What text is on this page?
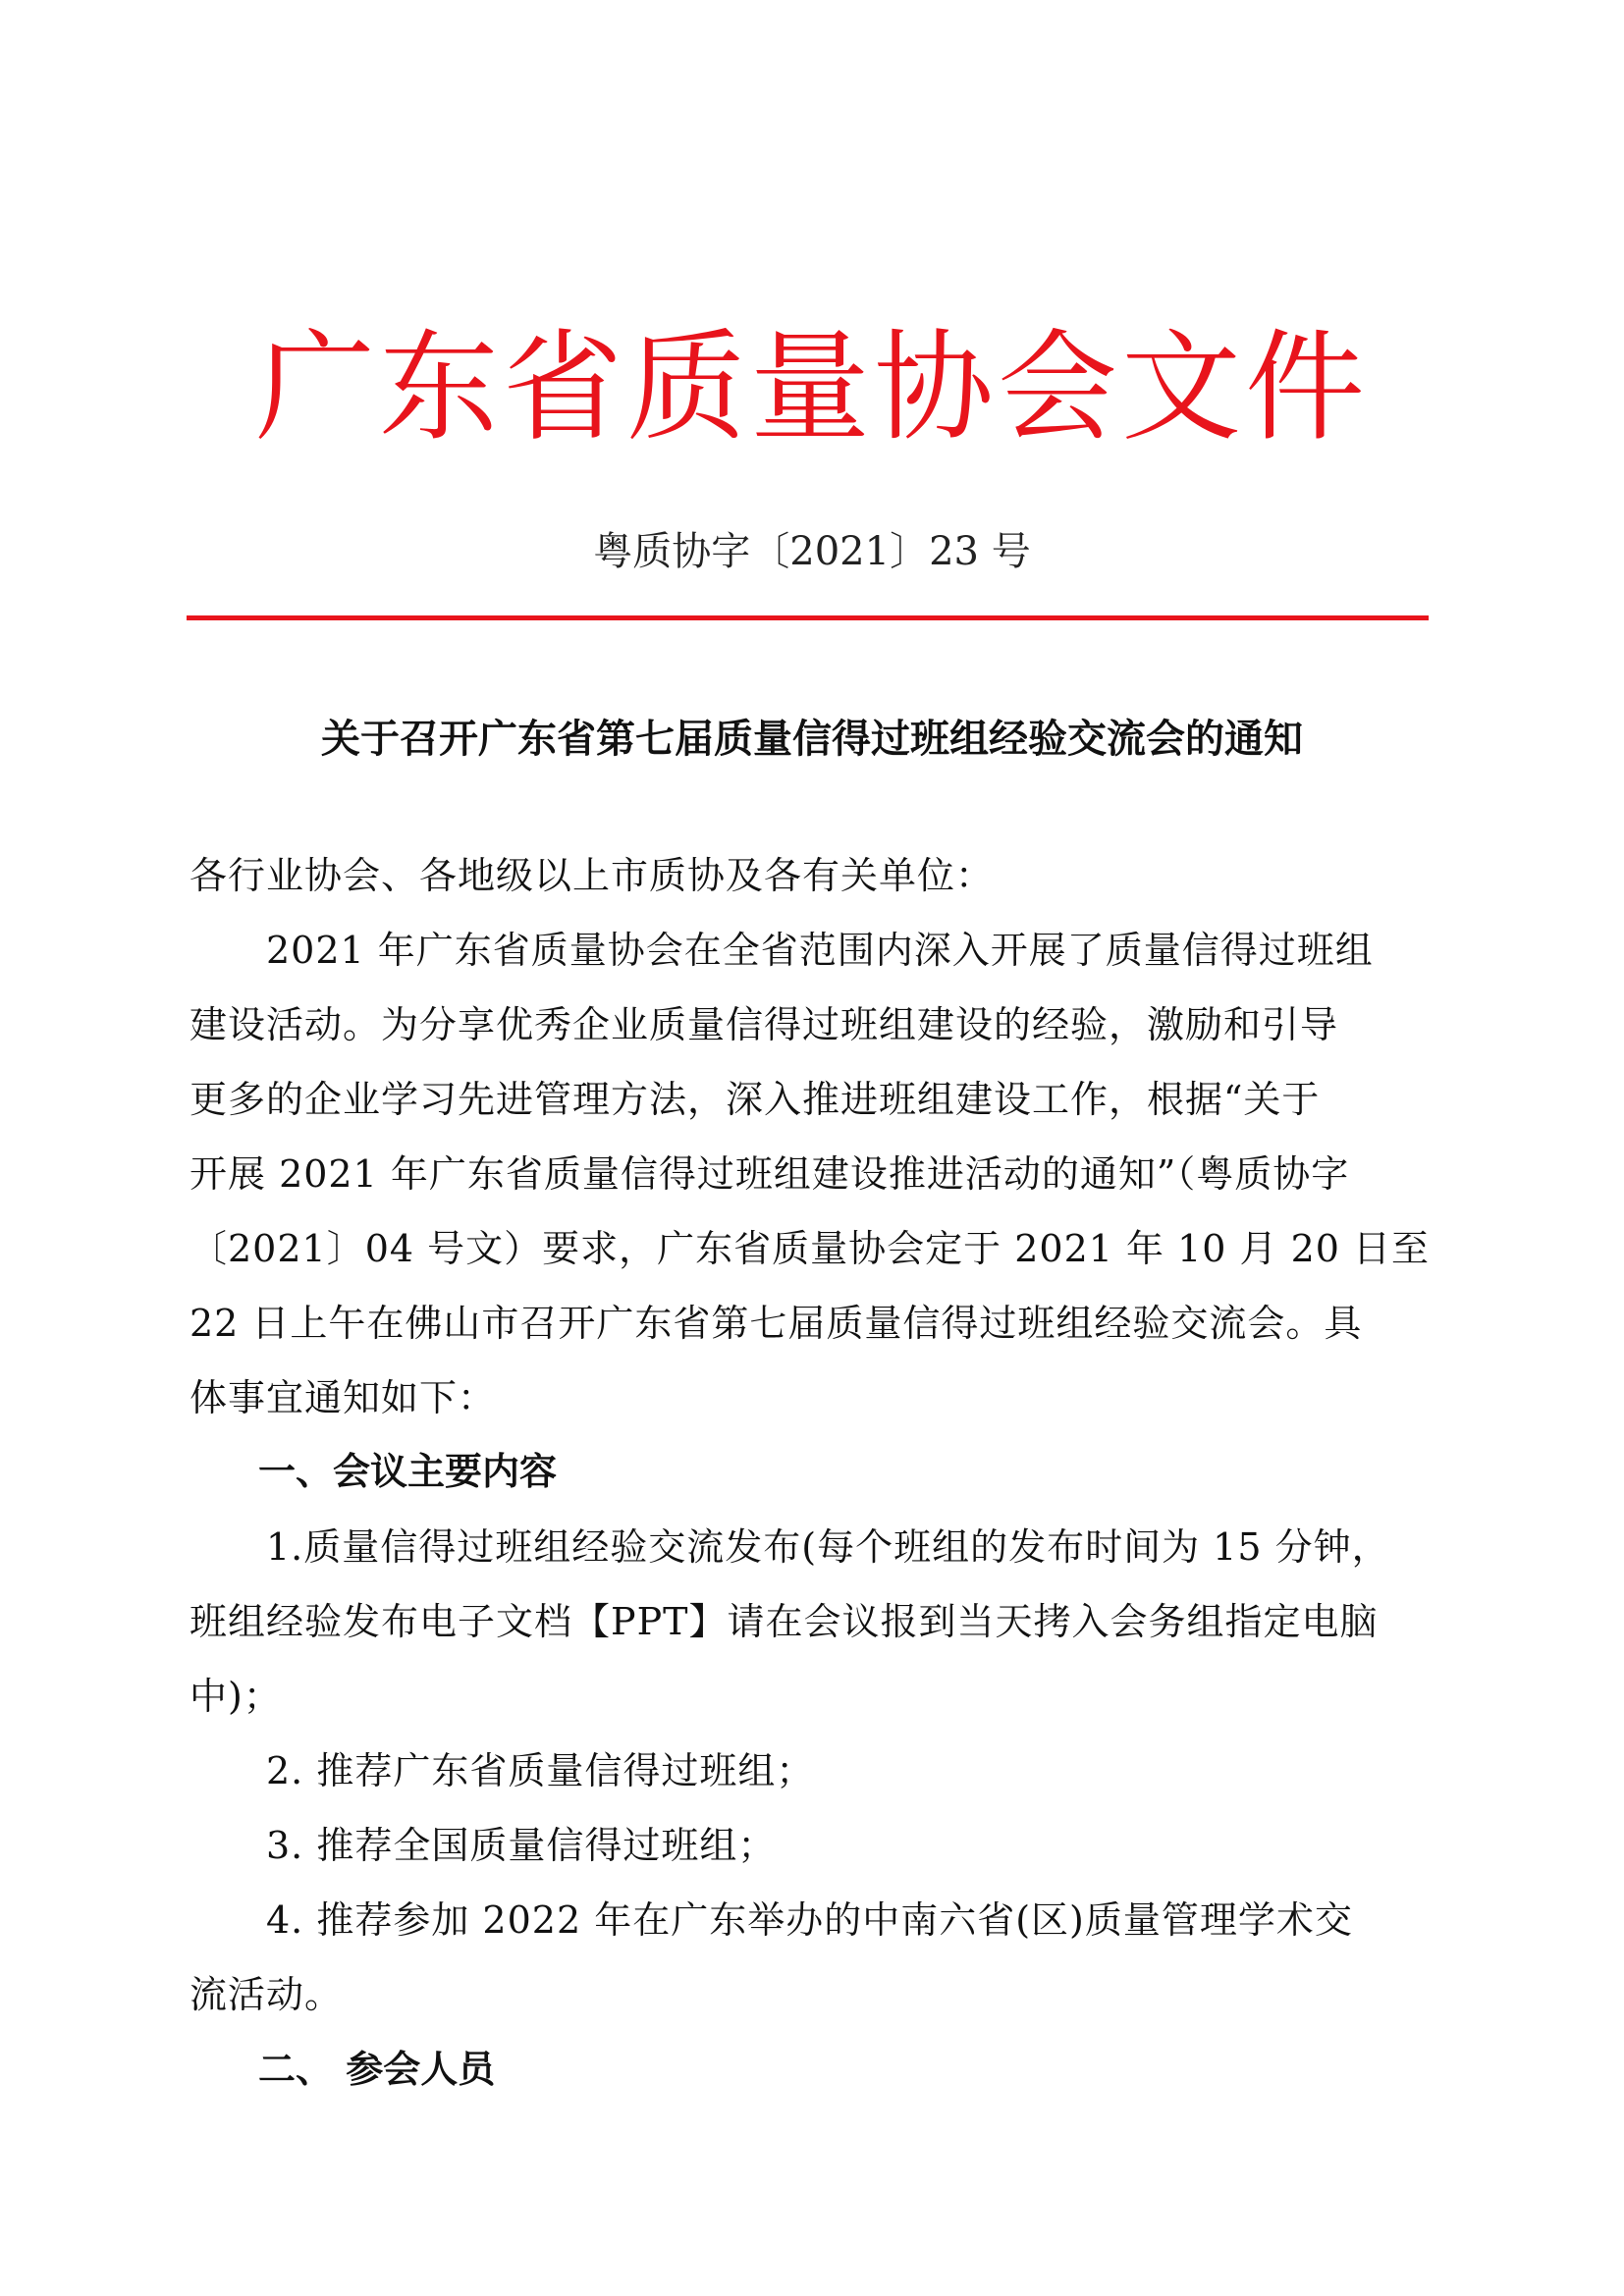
广东省质量协会文件
粤质协字〔2021〕23 号
关于召开广东省第七届质量信得过班组经验交流会的通知
各行业协会、各地级以上市质协及各有关单位：
2021 年广东省质量协会在全省范围内深入开展了质量信得过班组
建设活动。为分享优秀企业质量信得过班组建设的经验，激励和引导
更多的企业学习先进管理方法，深入推进班组建设工作，根据“关于
开展 2021 年广东省质量信得过班组建设推进活动的通知”（粤质协字
〔2021〕04 号文）要求，广东省质量协会定于 2021 年 10 月 20 日至
22 日上午在佛山市召开广东省第七届质量信得过班组经验交流会。具
体事宜通知如下：
一、会议主要内容
1.质量信得过班组经验交流发布(每个班组的发布时间为 15 分钟，
班组经验发布电子文档【PPT】请在会议报到当天拷入会务组指定电脑
中)；
2. 推荐广东省质量信得过班组；
3. 推荐全国质量信得过班组；
4. 推荐参加 2022 年在广东举办的中南六省(区)质量管理学术交
流活动。
二、 参会人员
